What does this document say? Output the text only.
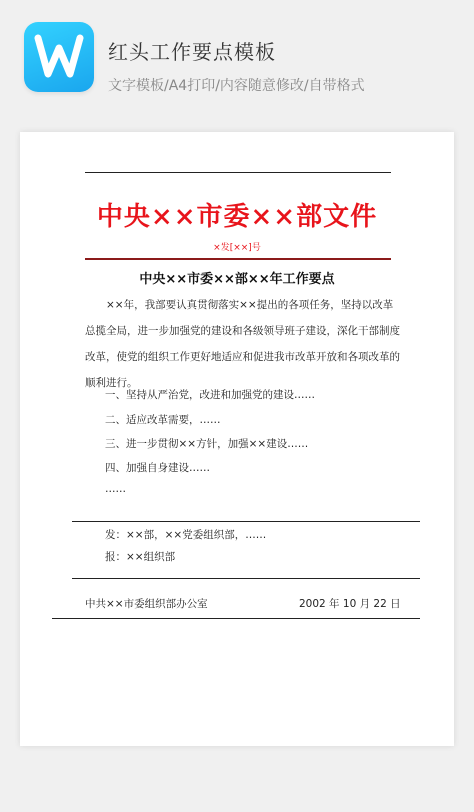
红头工作要点模板
文字模板/A4打印/内容随意修改/自带格式
中央××市委××部文件
×发[××]号
中央××市委××部××年工作要点

××年，我部要认真贯彻落实××提出的各项任务，坚持以改革总揽全局，进一步加强党的建设和各级领导班子建设，深化干部制度改革，使党的组织工作更好地适应和促进我市改革开放和各项改革的顺利进行。

一、坚持从严治党，改进和加强党的建设……
二、适应改革需要，……
三、进一步贯彻××方针，加强××建设……
四、加强自身建设……
……
发：××部，××党委组织部，……
报：××组织部
中共××市委组织部办公室	2002 年 10 月 22 日
